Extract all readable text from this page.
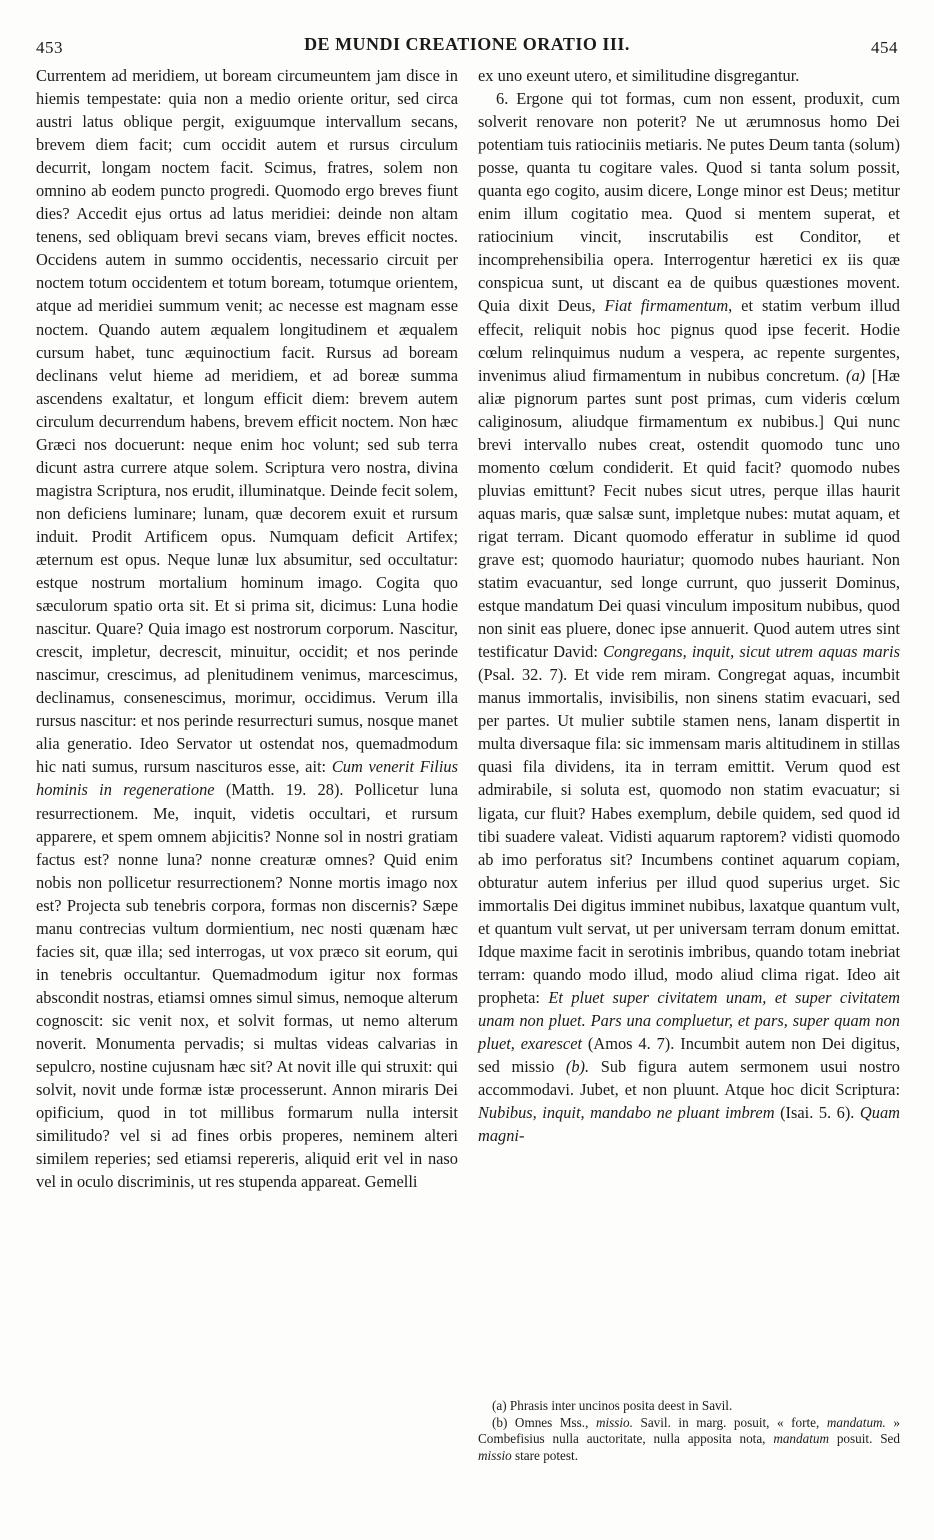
453	DE MUNDI CREATIONE ORATIO III.	454

Currentem ad meridiem, ut boream circumeuntem jam disce in hiemis tempestate: quia non a medio oriente oritur, sed circa austri latus oblique pergit, exiguumque intervallum secans, brevem diem facit; cum occidit autem et rursus circulum decurrit, longam noctem facit. Scimus, fratres, solem non omnino ab eodem puncto progredi. Quomodo ergo breves fiunt dies? Accedit ejus ortus ad latus meridiei: deinde non altam tenens, sed obliquam brevi secans viam, breves efficit noctes. Occidens autem in summo occidentis, necessario circuit per noctem totum occidentem et totum boream, totumque orientem, atque ad meridiei summum venit; ac necesse est magnam esse noctem. Quando autem æqualem longitudinem et æqualem cursum habet, tunc æquinoctium facit. Rursus ad boream declinans velut hieme ad meridiem, et ad boreæ summa ascendens exaltatur, et longum efficit diem: brevem autem circulum decurrendum habens, brevem efficit noctem. Non hæc Græci nos docuerunt: neque enim hoc volunt; sed sub terra dicunt astra currere atque solem. Scriptura vero nostra, divina magistra Scriptura, nos erudit, illuminatque. Deinde fecit solem, non deficiens luminare; lunam, quæ decorem exuit et rursum induit. Prodit Artificem opus. Numquam deficit Artifex; æternum est opus. Neque lunæ lux absumitur, sed occultatur: estque nostrum mortalium hominum imago. Cogita quo sæculorum spatio orta sit. Et si prima sit, dicimus: Luna hodie nascitur. Quare? Quia imago est nostrorum corporum. Nascitur, crescit, impletur, decrescit, minuitur, occidit; et nos perinde nascimur, crescimus, ad plenitudinem venimus, marcescimus, declinamus, consenescimus, morimur, occidimus. Verum illa rursus nascitur: et nos perinde resurrecturi sumus, nosque manet alia generatio. Ideo Servator ut ostendat nos, quemadmodum hic nati sumus, rursum nascituros esse, ait: Cum venerit Filius hominis in regeneratione (Matth. 19. 28). Pollicetur luna resurrectionem. Me, inquit, videtis occultari, et rursum apparere, et spem omnem abjicitis? Nonne sol in nostri gratiam factus est? nonne luna? nonne creaturæ omnes? Quid enim nobis non pollicetur resurrectionem? Nonne mortis imago nox est? Projecta sub tenebris corpora, formas non discernis? Sæpe manu contrecias vultum dormientium, nec nosti quænam hæc facies sit, quæ illa; sed interrogas, ut vox præco sit eorum, qui in tenebris occultantur. Quemadmodum igitur nox formas abscondit nostras, etiamsi omnes simul simus, nemoque alterum cognoscit: sic venit nox, et solvit formas, ut nemo alterum noverit. Monumenta pervadis; si multas videas calvarias in sepulcro, nostine cujusnam hæc sit? At novit ille qui struxit: qui solvit, novit unde formæ istæ processerunt. Annon miraris Dei opificium, quod in tot millibus formarum nulla intersit similitudo? vel si ad fines orbis properes, neminem alteri similem reperies; sed etiamsi repereris, aliquid erit vel in naso vel in oculo discriminis, ut res stupenda appareat. Gemelli

ex uno exeunt utero, et similitudine disgregantur.

6. Ergone qui tot formas, cum non essent, produxit, cum solverit renovare non poterit? Ne ut ærumnosus homo Dei potentiam tuis ratiociniis metiaris. Ne putes Deum tanta (solum) posse, quanta tu cogitare vales. Quod si tanta solum possit, quanta ego cogito, ausim dicere, Longe minor est Deus; metitur enim illum cogitatio mea. Quod si mentem superat, et ratiocinium vincit, inscrutabilis est Conditor, et incomprehensibilia opera. Interrogentur hæretici ex iis quæ conspicua sunt, ut discant ea de quibus quæstiones movent. Quia dixit Deus, Fiat firmamentum, et statim verbum illud effecit, reliquit nobis hoc pignus quod ipse fecerit. Hodie cœlum relinquimus nudum a vespera, ac repente surgentes, invenimus aliud firmamentum in nubibus concretum. (a) [Hæ aliæ pignorum partes sunt post primas, cum videris cœlum caliginosum, aliudque firmamentum ex nubibus.] Qui nunc brevi intervallo nubes creat, ostendit quomodo tunc uno momento cœlum condiderit. Et quid facit? quomodo nubes pluvias emittunt? Fecit nubes sicut utres, perque illas haurit aquas maris, quæ salsæ sunt, impletque nubes: mutat aquam, et rigat terram. Dicant quomodo efferatur in sublime id quod grave est; quomodo hauriatur; quomodo nubes hauriant. Non statim evacuantur, sed longe currunt, quo jusserit Dominus, estque mandatum Dei quasi vinculum impositum nubibus, quod non sinit eas pluere, donec ipse annuerit. Quod autem utres sint testificatur David: Congregans, inquit, sicut utrem aquas maris (Psal. 32. 7). Et vide rem miram. Congregat aquas, incumbit manus immortalis, invisibilis, non sinens statim evacuari, sed per partes. Ut mulier subtile stamen nens, lanam dispertit in multa diversaque fila: sic immensam maris altitudinem in stillas quasi fila dividens, ita in terram emittit. Verum quod est admirabile, si soluta est, quomodo non statim evacuatur; si ligata, cur fluit? Habes exemplum, debile quidem, sed quod id tibi suadere valeat. Vidisti aquarum raptorem? vidisti quomodo ab imo perforatus sit? Incumbens continet aquarum copiam, obturatur autem inferius per illud quod superius urget. Sic immortalis Dei digitus imminet nubibus, laxatque quantum vult, et quantum vult servat, ut per universam terram donum emittat. Idque maxime facit in serotinis imbribus, quando totam inebriat terram: quando modo illud, modo aliud clima rigat. Ideo ait propheta: Et pluet super civitatem unam, et super civitatem unam non pluet. Pars una compluetur, et pars, super quam non pluet, exarescet (Amos 4. 7). Incumbit autem non Dei digitus, sed missio (b). Sub figura autem sermonem usui nostro accommodavi. Jubet, et non pluunt. Atque hoc dicit Scriptura: Nubibus, inquit, mandabo ne pluant imbrem (Isai. 5. 6). Quam magni-

(a) Phrasis inter uncinos posita deest in Savil.

(b) Omnes Mss., missio. Savil. in marg. posuit, « forte, mandatum. » Combefisius nulla auctoritate, nulla apposita nota, mandatum posuit. Sed missio stare potest.
